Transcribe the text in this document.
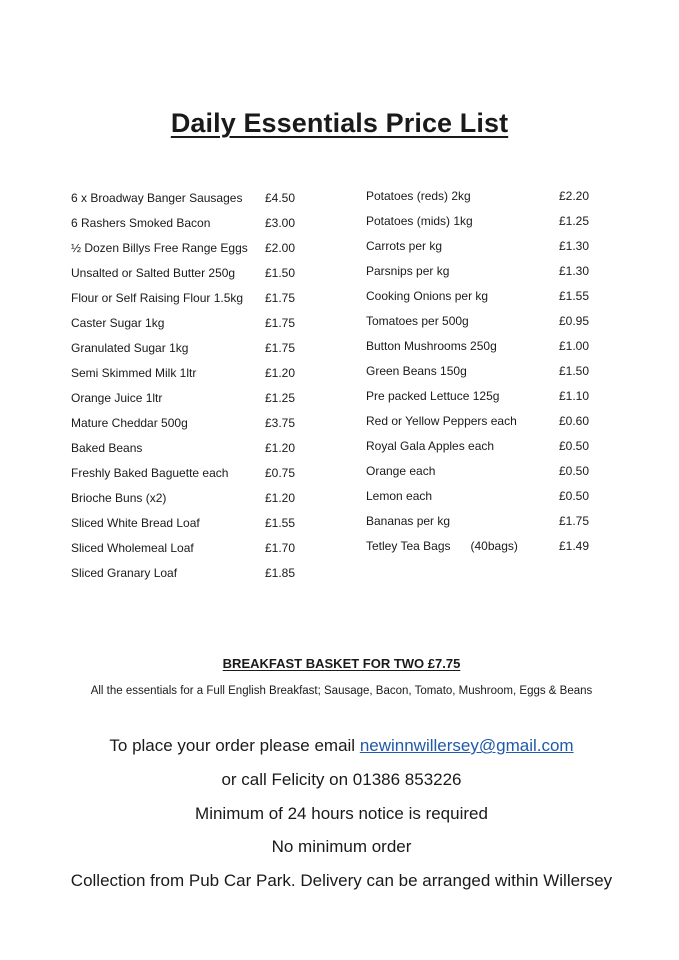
Daily Essentials Price List
6 x Broadway Banger Sausages £4.50
6 Rashers Smoked Bacon	£3.00
½ Dozen Billys Free Range Eggs £2.00
Unsalted or Salted Butter 250g £1.50
Flour or Self Raising Flour 1.5kg £1.75
Caster Sugar 1kg	£1.75
Granulated Sugar 1kg	£1.75
Semi Skimmed Milk 1ltr	£1.20
Orange Juice 1ltr	£1.25
Mature Cheddar 500g	£3.75
Baked Beans	£1.20
Freshly Baked Baguette each	£0.75
Brioche Buns (x2)	£1.20
Sliced White Bread Loaf	£1.55
Sliced Wholemeal Loaf	£1.70
Sliced Granary Loaf	£1.85
Potatoes (reds) 2kg	£2.20
Potatoes (mids) 1kg	£1.25
Carrots per kg	£1.30
Parsnips per kg	£1.30
Cooking Onions per kg	£1.55
Tomatoes per 500g	£0.95
Button Mushrooms 250g	£1.00
Green Beans 150g	£1.50
Pre packed Lettuce 125g	£1.10
Red or Yellow Peppers each	£0.60
Royal Gala Apples each	£0.50
Orange each	£0.50
Lemon each	£0.50
Bananas per kg	£1.75
Tetley Tea Bags      (40bags)	£1.49
BREAKFAST BASKET FOR TWO £7.75
All the essentials for a Full English Breakfast; Sausage, Bacon, Tomato, Mushroom, Eggs & Beans
To place your order please email newinnwillersey@gmail.com
or call Felicity on 01386 853226
Minimum of 24 hours notice is required
No minimum order
Collection from Pub Car Park. Delivery can be arranged within Willersey
